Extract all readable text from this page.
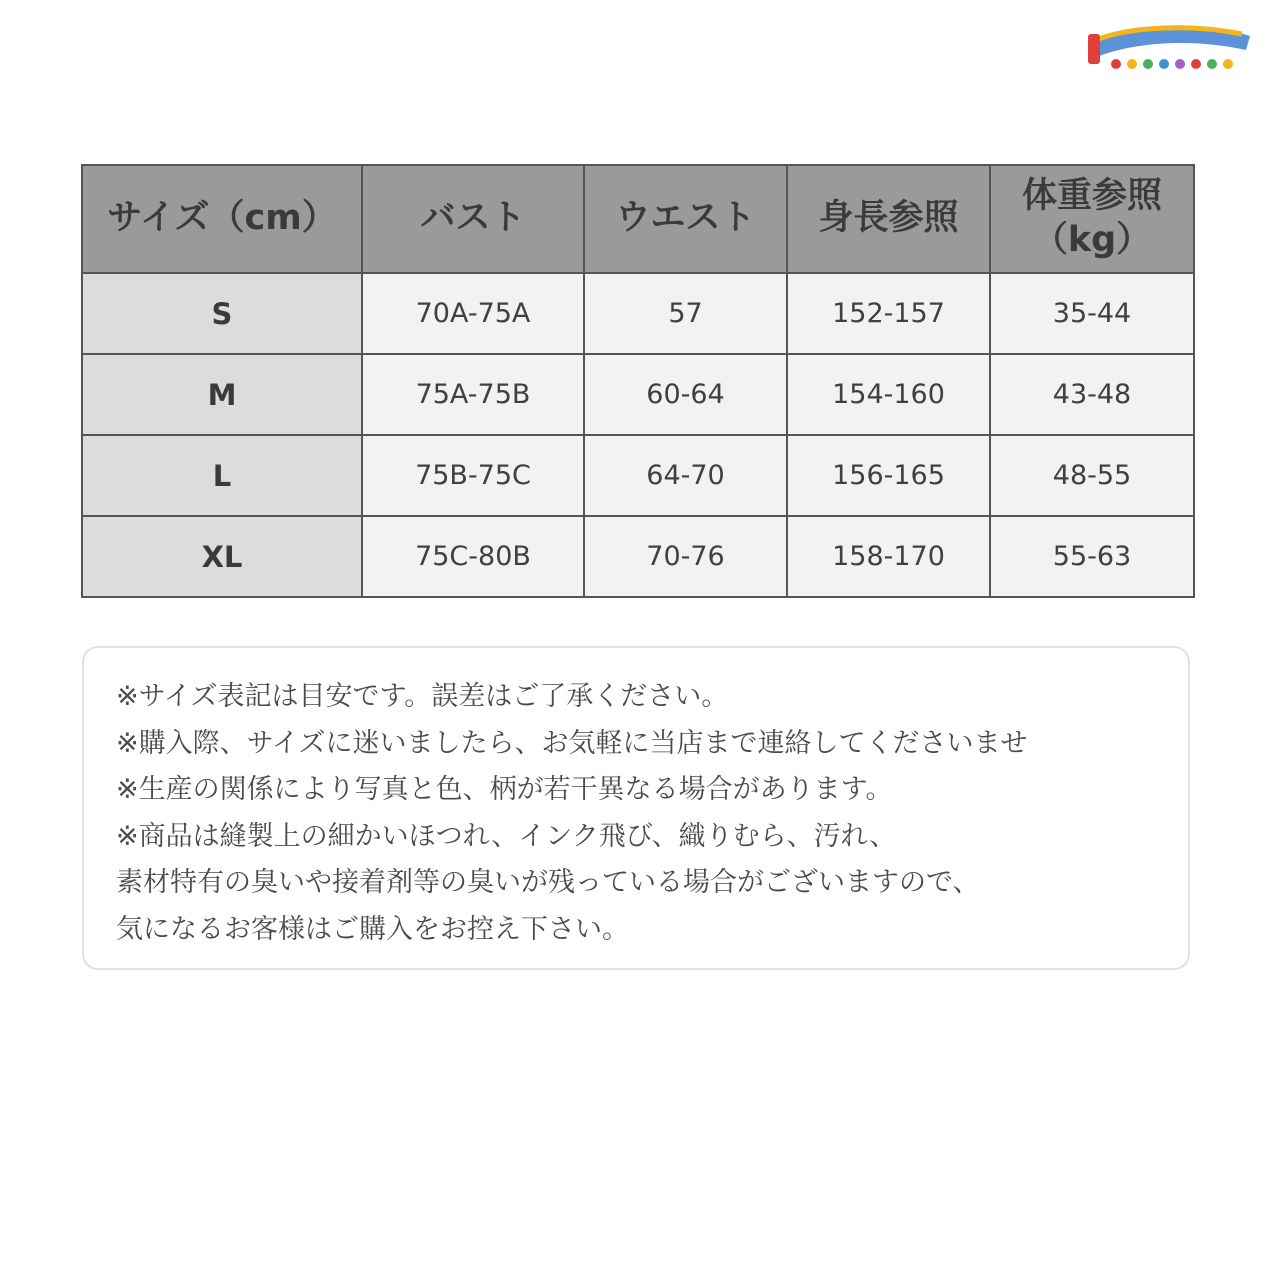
サイズ（cm）	バスト	ウエスト	身長参照	体重参照（kg）
S	70A-75A	57	152-157	35-44
M	75A-75B	60-64	154-160	43-48
L	75B-75C	64-70	156-165	48-55
XL	75C-80B	70-76	158-170	55-63
※サイズ表記は目安です。誤差はご了承ください。
※購入際、サイズに迷いましたら、お気軽に当店まで連絡してくださいませ
※生産の関係により写真と色、柄が若干異なる場合があります。
※商品は縫製上の細かいほつれ、インク飛び、織りむら、汚れ、
素材特有の臭いや接着剤等の臭いが残っている場合がございますので、
気になるお客様はご購入をお控え下さい。
